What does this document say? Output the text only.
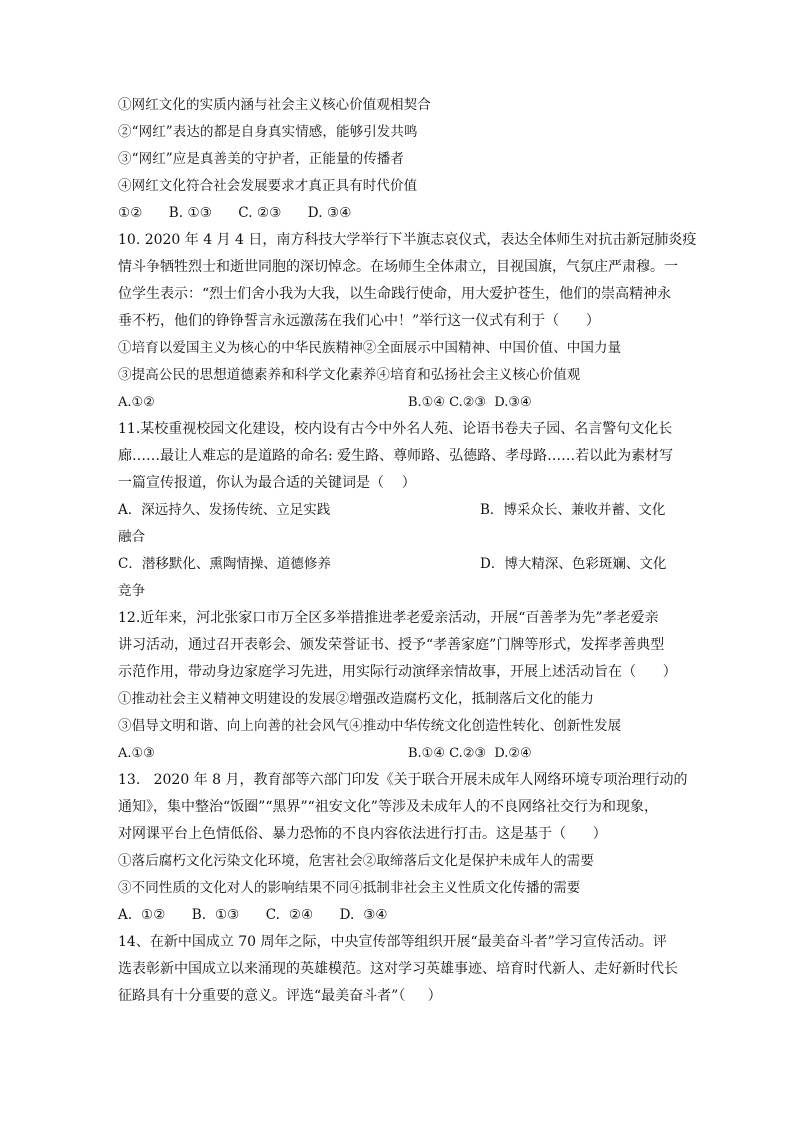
①网红文化的实质内涵与社会主义核心价值观相契合
②“网红”表达的都是自身真实情感，能够引发共鸣
③“网红”应是真善美的守护者，正能量的传播者
④网红文化符合社会发展要求才真正具有时代价值
①②      B. ①③      C. ②③      D. ③④
10. 2020 年 4 月 4 日，南方科技大学举行下半旗志哀仪式，表达全体师生对抗击新冠肺炎疫
情斗争牺牲烈士和逝世同胞的深切悼念。在场师生全体肃立，目视国旗，气氛庄严肃穆。一
位学生表示：“烈士们舍小我为大我，以生命践行使命，用大爱护苍生，他们的崇高精神永
垂不朽，他们的铮铮誓言永远激荡在我们心中！”举行这一仪式有利于（      ）
①培育以爱国主义为核心的中华民族精神②全面展示中国精神、中国价值、中国力量
③提高公民的思想道德素养和科学文化素养④培育和弘扬社会主义核心价值观
A.①②	B.①④ C.②③  D.③④
11.某校重视校园文化建设，校内设有古今中外名人苑、论语书卷夫子园、名言警句文化长
廊……最让人难忘的是道路的命名: 爱生路、尊师路、弘德路、孝母路……若以此为素材写
一篇宣传报道，你认为最合适的关键词是（    ）
A．深远持久、发扬传统、立足实践	B．博采众长、兼收并蓄、文化
融合
C．潜移默化、熏陶情操、道德修养	D．博大精深、色彩斑斓、文化
竞争
12.近年来，河北张家口市万全区多举措推进孝老爱亲活动，开展“百善孝为先”孝老爱亲
讲习活动，通过召开表彰会、颁发荣誉证书、授予“孝善家庭”门牌等形式，发挥孝善典型
示范作用，带动身边家庭学习先进，用实际行动演绎亲情故事，开展上述活动旨在（      ）
①推动社会主义精神文明建设的发展②增强改造腐朽文化，抵制落后文化的能力
③倡导文明和谐、向上向善的社会风气④推动中华传统文化创造性转化、创新性发展
A.①③	B.①④ C.②③  D.②④
13.   2020 年 8 月，教育部等六部门印发《关于联合开展未成年人网络环境专项治理行动的
通知》，集中整治“饭圈”“黑界”“祖安文化”等涉及未成年人的不良网络社交行为和现象，
对网课平台上色情低俗、暴力恐怖的不良内容依法进行打击。这是基于（      ）
①落后腐朽文化污染文化环境，危害社会②取缔落后文化是保护未成年人的需要
③不同性质的文化对人的影响结果不同④抵制非社会主义性质文化传播的需要
A.  ①②      B.  ①③      C.  ②④      D.  ③④
14、在新中国成立 70 周年之际，中央宣传部等组织开展“最美奋斗者”学习宣传活动。评
选表彰新中国成立以来涌现的英雄模范。这对学习英雄事迹、培育时代新人、走好新时代长
征路具有十分重要的意义。评选“最美奋斗者”（     ）
